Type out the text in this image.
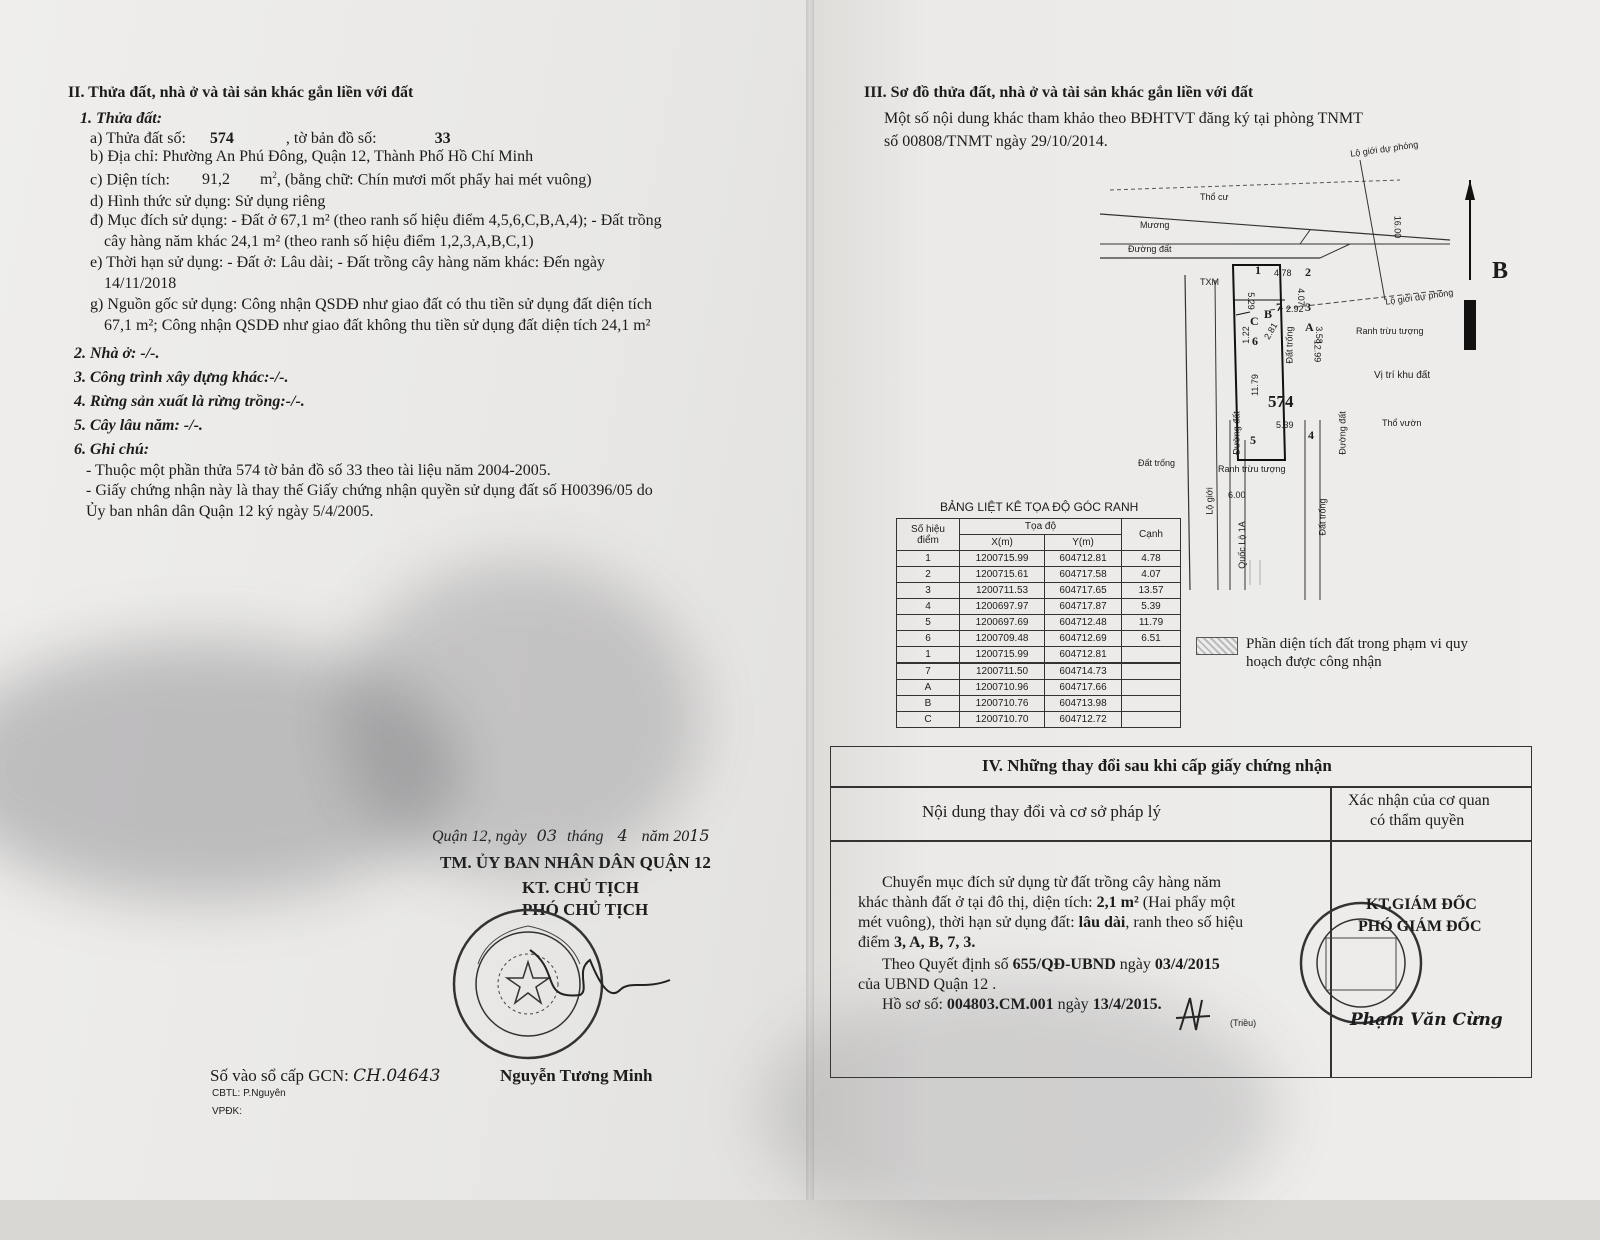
II. Thửa đất, nhà ở và tài sản khác gắn liền với đất
1. Thửa đất:
a) Thửa đất số: 574	, tờ bản đồ số:	33
b) Địa chỉ: Phường An Phú Đông, Quận 12, Thành Phố Hồ Chí Minh
c) Diện tích: 91,2 $m^2$, (bằng chữ: Chín mươi mốt phẩy hai mét vuông)
d) Hình thức sử dụng: Sử dụng riêng
đ) Mục đích sử dụng: - Đất ở 67,1 m² (theo ranh số hiệu điểm 4,5,6,C,B,A,4); - Đất trồng
cây hàng năm khác 24,1 m² (theo ranh số hiệu điểm 1,2,3,A,B,C,1)
e) Thời hạn sử dụng: - Đất ở: Lâu dài; - Đất trồng cây hàng năm khác: Đến ngày
14/11/2018
g) Nguồn gốc sử dụng: Công nhận QSDĐ như giao đất có thu tiền sử dụng đất diện tích
67,1 m²; Công nhận QSDĐ như giao đất không thu tiền sử dụng đất diện tích 24,1 m²
2. Nhà ở: -/-.
3. Công trình xây dựng khác:-/-.
4. Rừng sản xuất là rừng trồng:-/-.
5. Cây lâu năm: -/-.
6. Ghi chú:
- Thuộc một phần thửa 574 tờ bản đồ số 33 theo tài liệu năm 2004-2005.
- Giấy chứng nhận này là thay thế Giấy chứng nhận quyền sử dụng đất số H00396/05 do
Ủy ban nhân dân Quận 12 ký ngày 5/4/2005.
Quận 12, ngày 03 tháng 4 năm 2015
TM. ỦY BAN NHÂN DÂN QUẬN 12
KT. CHỦ TỊCH
PHÓ CHỦ TỊCH
Nguyễn Tương Minh
Số vào sổ cấp GCN: CH.04643
CBTL: P.Nguyên
VPĐK:
III. Sơ đồ thửa đất, nhà ở và tài sản khác gắn liền với đất
Một số nội dung khác tham khảo theo BĐHTVT đăng ký tại phòng TNMT
số 00808/TNMT ngày 29/10/2014.	Lộ giới dự phóng
Thổ cư
Mương
Đường đất
16.00
Lộ giới dự phóng
B
Ranh trừu tượng
Vị trí khu đất
Thổ vườn
Đất trống
Ranh trừu tượng
574
Đất trống
Đường đất	Đường đất
6.00
Quốc Lộ 1A
Đất trống
Lộ giới
1	2
3
4
5
6
7
A
B
C
TXM
4.78
4.07
2.92
5.29
3.58
12.99
11.79
5.39
1.22 2.81
Phần diện tích đất trong phạm vi quy
hoạch được công nhận
BẢNG LIỆT KÊ TỌA ĐỘ GÓC RANH
Số hiệu
điểm	Tọa độ		Cạnh
	X(m)	Y(m)	
1	1200715.99	604712.81	4.78
2	1200715.61	604717.58	4.07
3	1200711.53	604717.65	13.57
4	1200697.97	604717.87	5.39
5	1200697.69	604712.48	11.79
6	1200709.48	604712.69	6.51
1	1200715.99	604712.81	
7	1200711.50	604714.73	
A	1200710.96	604717.66	
B	1200710.76	604713.98	
C	1200710.70	604712.72	
IV. Những thay đổi sau khi cấp giấy chứng nhận
Nội dung thay đổi và cơ sở pháp lý
Xác nhận của cơ quan
có thẩm quyền
Chuyển mục đích sử dụng từ đất trồng cây hàng năm
khác thành đất ở tại đô thị, diện tích: 2,1 m² (Hai phẩy một
mét vuông), thời hạn sử dụng đất: lâu dài, ranh theo số hiệu
điểm 3, A, B, 7, 3.
Theo Quyết định số 655/QĐ-UBND ngày 03/4/2015
của UBND Quận 12 .
Hồ sơ số: 004803.CM.001 ngày 13/4/2015.
(Triều)
KT.GIÁM ĐỐC
PHÓ GIÁM ĐỐC
Phạm Văn Cừng
